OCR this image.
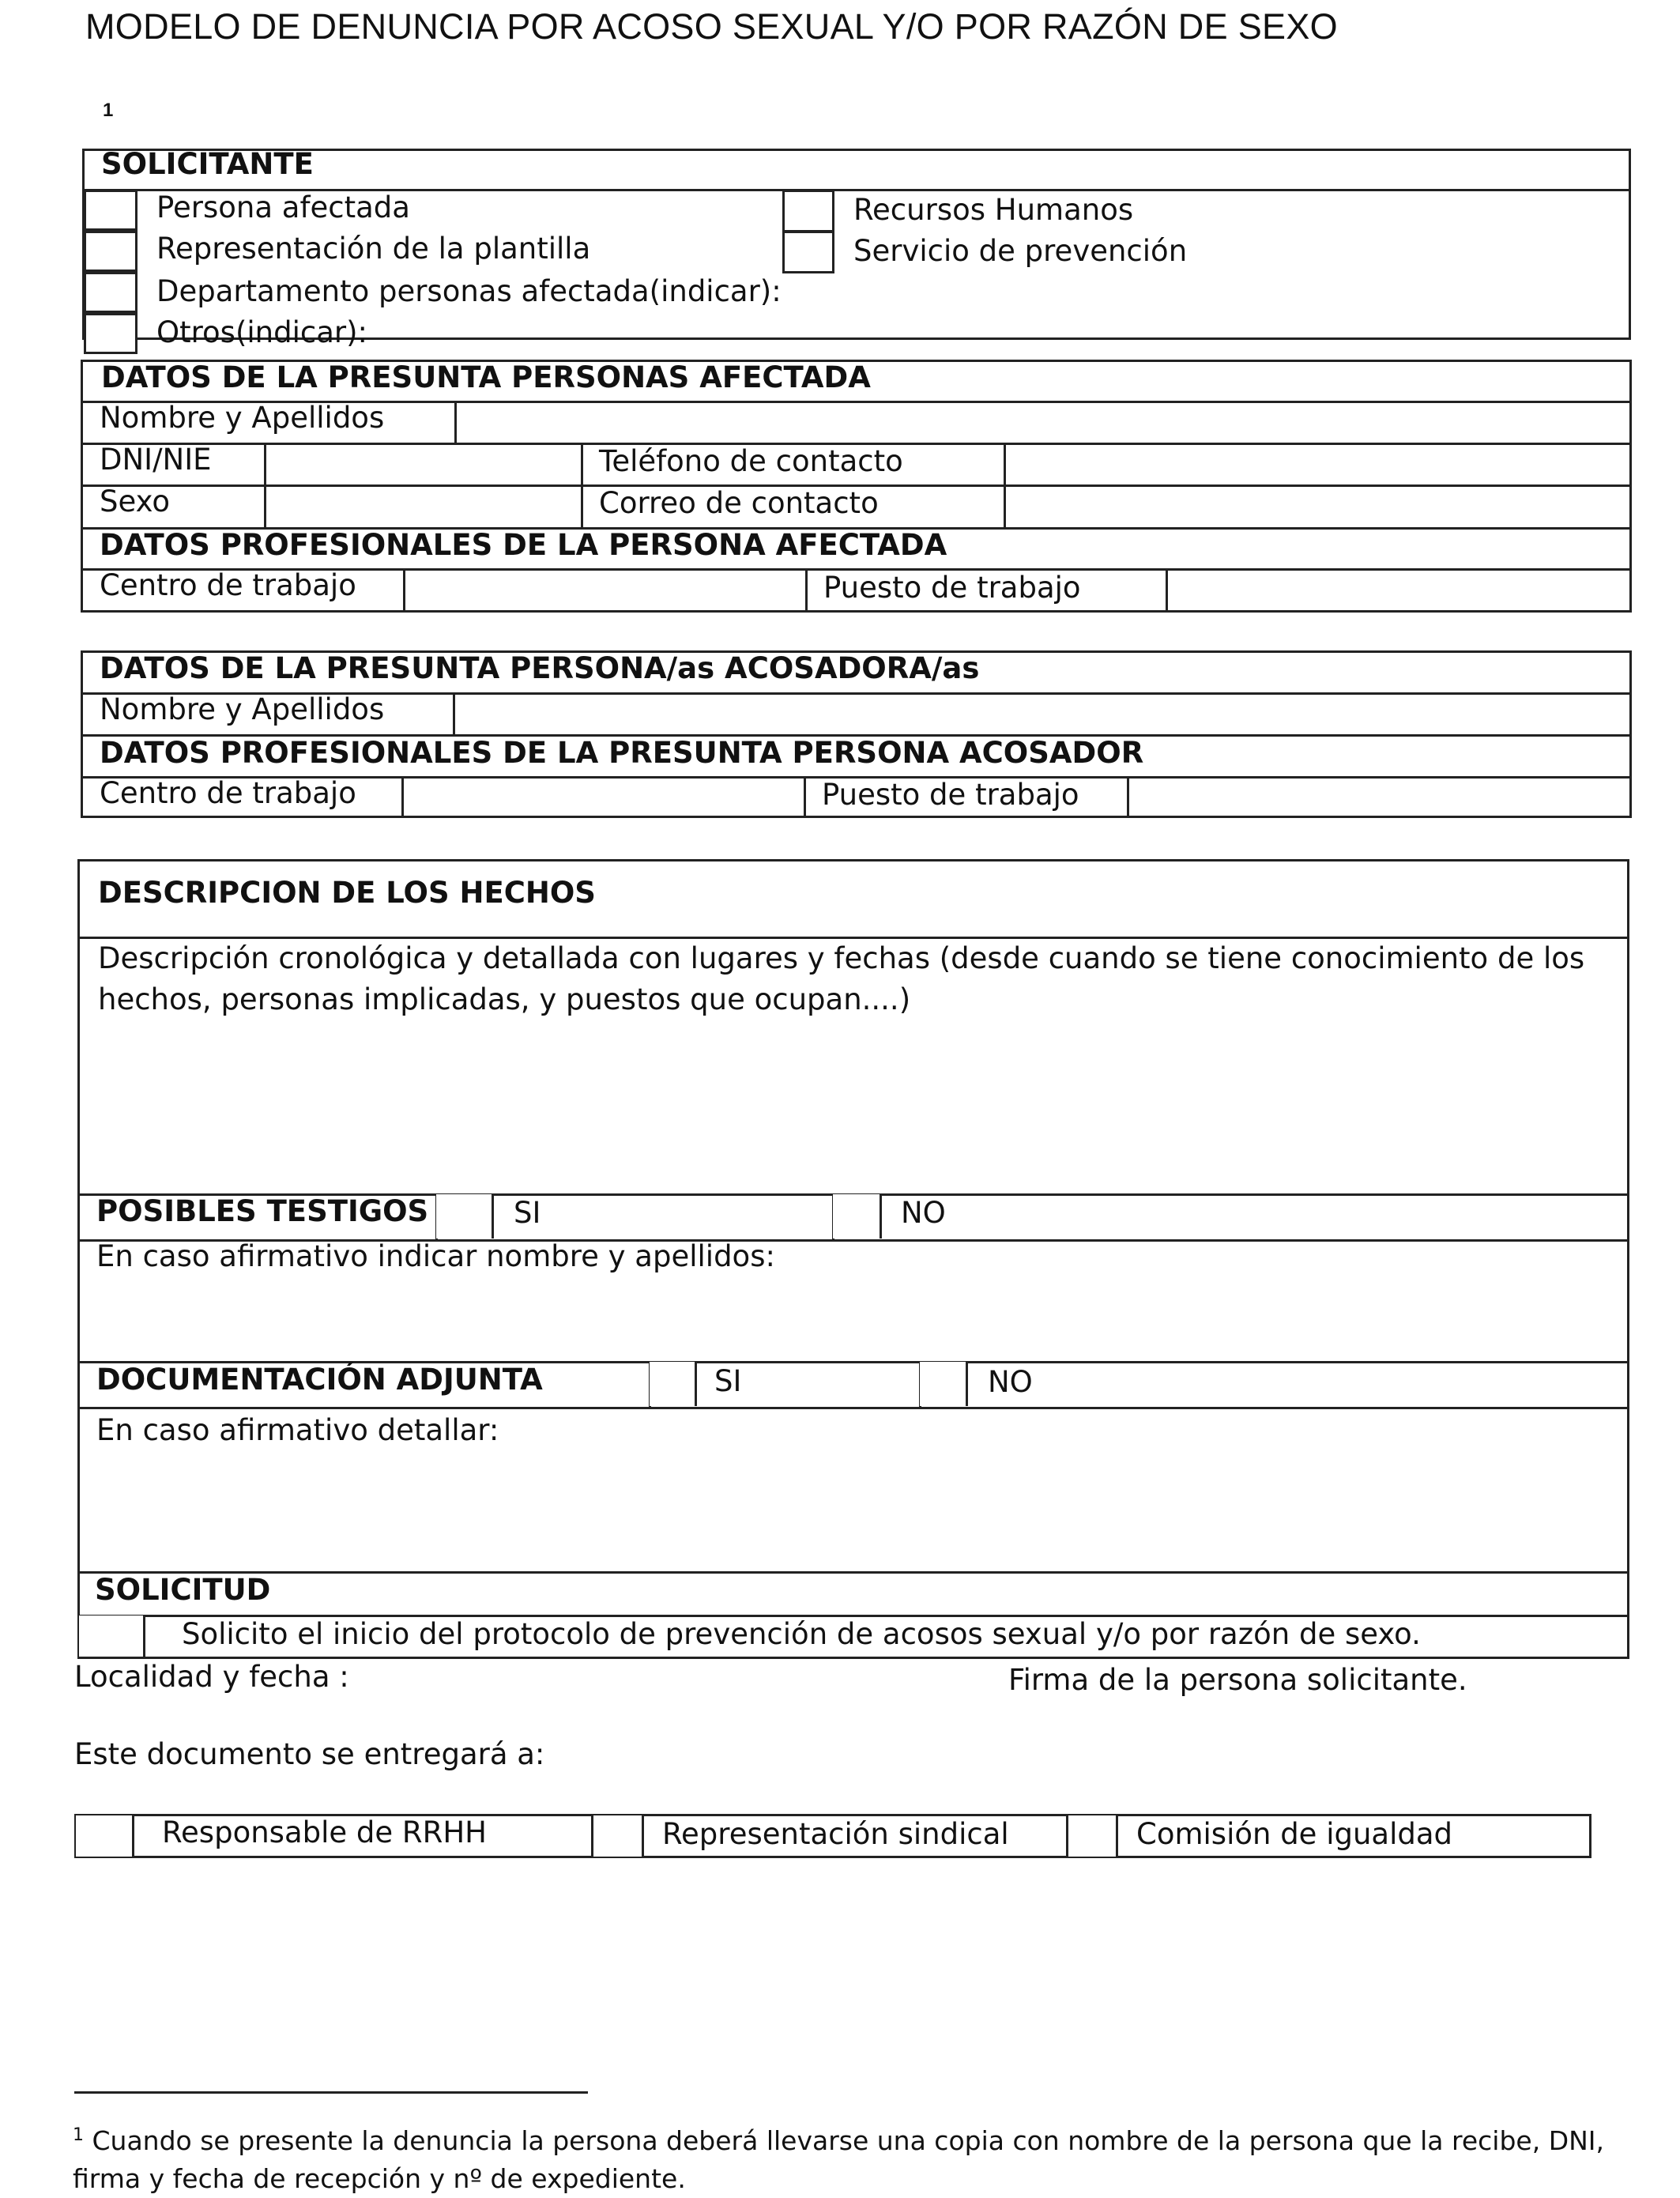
MODELO DE DENUNCIA POR ACOSO SEXUAL Y/O POR RAZÓN DE SEXO
1
SOLICITANTE
Persona afectada
Representación de la plantilla
Departamento personas afectada(indicar):
Otros(indicar):
Recursos Humanos
Servicio de prevención
DATOS DE LA PRESUNTA PERSONAS AFECTADA
Nombre y Apellidos
DNI/NIE	Teléfono de contacto
Sexo	Correo de contacto
DATOS PROFESIONALES DE LA PERSONA AFECTADA
Centro de trabajo	Puesto de trabajo
DATOS DE LA PRESUNTA PERSONA/as ACOSADORA/as
Nombre y Apellidos
DATOS PROFESIONALES DE LA PRESUNTA PERSONA ACOSADOR
Centro de trabajo	Puesto de trabajo
DESCRIPCION DE LOS HECHOS
Descripción cronológica y detallada con lugares y fechas (desde cuando se tiene conocimiento de los hechos, personas implicadas, y puestos que ocupan....)
POSIBLES TESTIGOS	SI	NO
En caso afirmativo indicar nombre y apellidos:
DOCUMENTACIÓN ADJUNTA	SI	NO
En caso afirmativo detallar:
SOLICITUD
Solicito el inicio del protocolo de prevención de acosos sexual y/o por razón de sexo.
Localidad y fecha :	Firma de la persona solicitante.
Este documento se entregará a:
Responsable de RRHH	Representación sindical	Comisión de igualdad
$^1$ Cuando se presente la denuncia la persona deberá llevarse una copia con nombre de la persona que la recibe, DNI, firma y fecha de recepción y nº de expediente.
